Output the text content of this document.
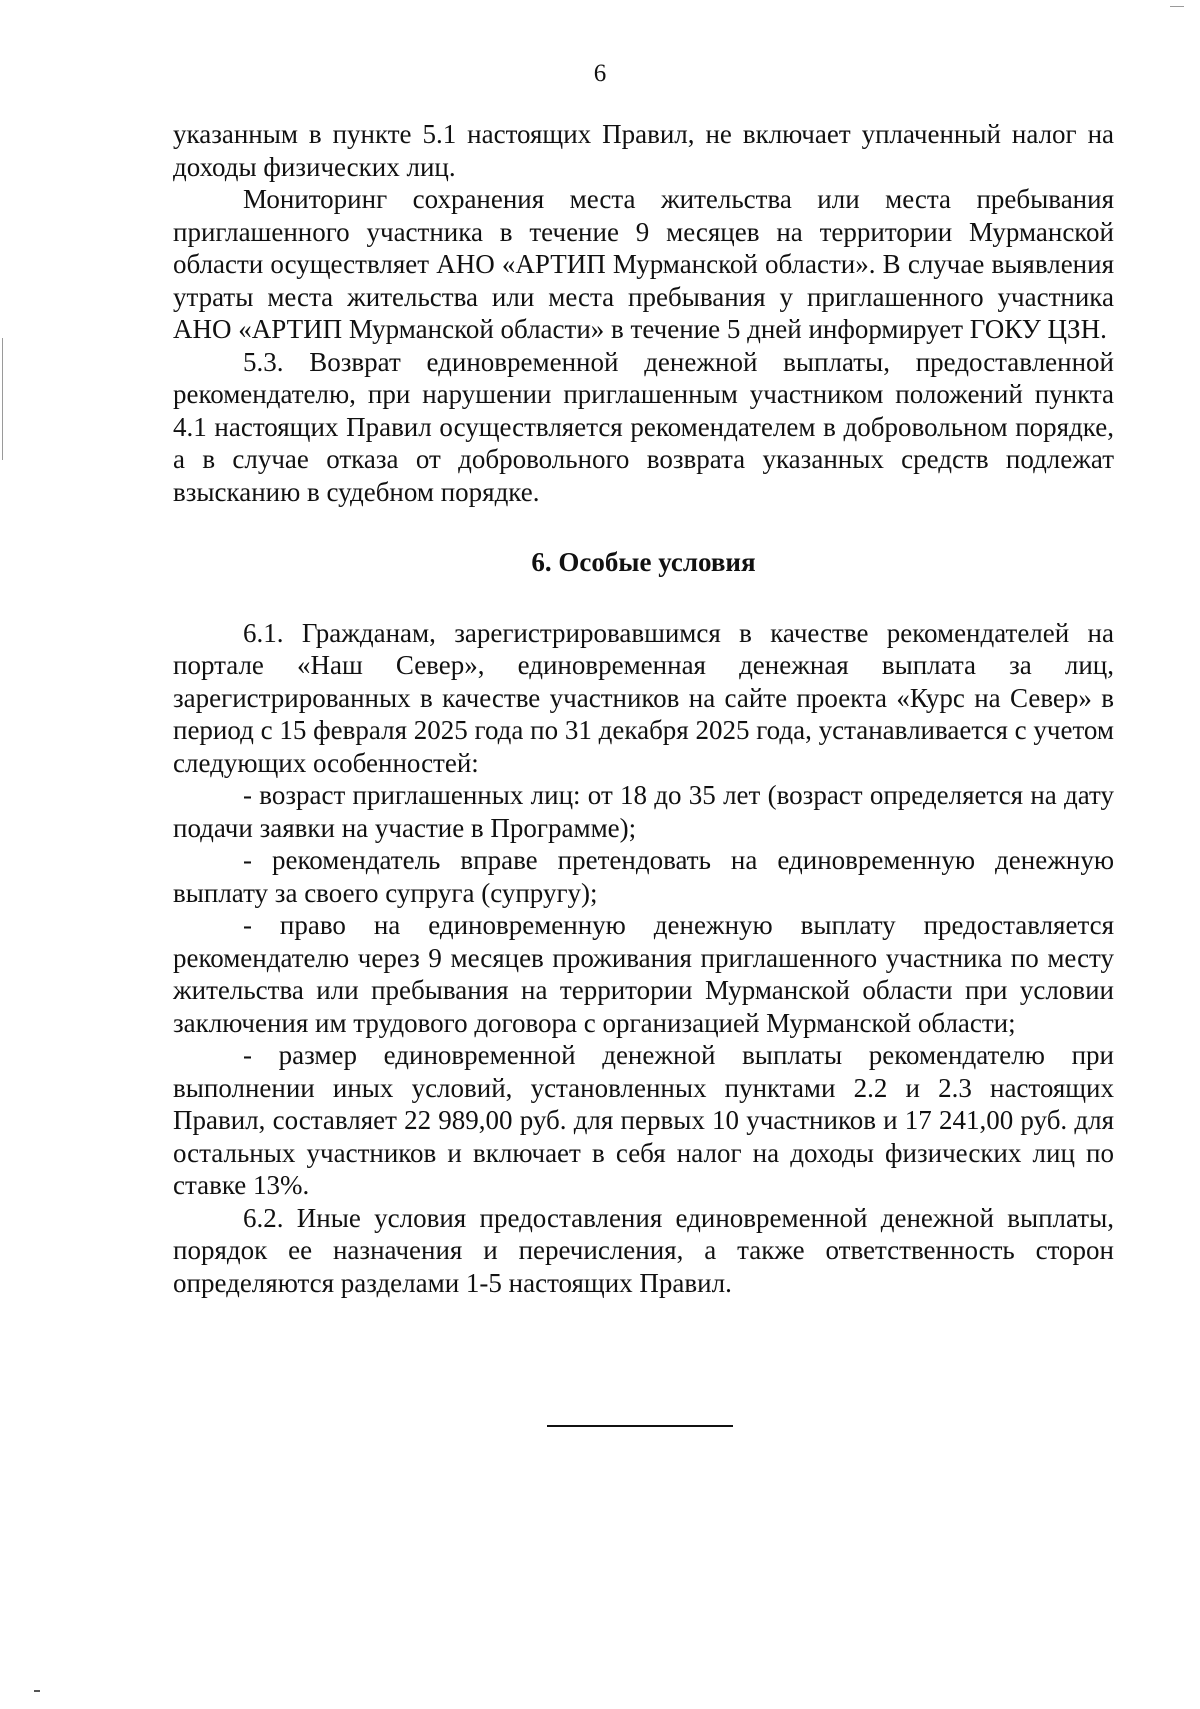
6

указанным в пункте 5.1 настоящих Правил, не включает уплаченный налог на доходы физических лиц.

Мониторинг сохранения места жительства или места пребывания приглашенного участника в течение 9 месяцев на территории Мурманской области осуществляет АНО «АРТИП Мурманской области». В случае выявления утраты места жительства или места пребывания у приглашенного участника АНО «АРТИП Мурманской области» в течение 5 дней информирует ГОКУ ЦЗН.

5.3. Возврат единовременной денежной выплаты, предоставленной рекомендателю, при нарушении приглашенным участником положений пункта 4.1 настоящих Правил осуществляется рекомендателем в добровольном порядке, а в случае отказа от добровольного возврата указанных средств подлежат взысканию в судебном порядке.

6. Особые условия

6.1. Гражданам, зарегистрировавшимся в качестве рекомендателей на портале «Наш Север», единовременная денежная выплата за лиц, зарегистрированных в качестве участников на сайте проекта «Курс на Север» в период с 15 февраля 2025 года по 31 декабря 2025 года, устанавливается с учетом следующих особенностей:

- возраст приглашенных лиц: от 18 до 35 лет (возраст определяется на дату подачи заявки на участие в Программе);

- рекомендатель вправе претендовать на единовременную денежную выплату за своего супруга (супругу);

- право на единовременную денежную выплату предоставляется рекомендателю через 9 месяцев проживания приглашенного участника по месту жительства или пребывания на территории Мурманской области при условии заключения им трудового договора с организацией Мурманской области;

- размер единовременной денежной выплаты рекомендателю при выполнении иных условий, установленных пунктами 2.2 и 2.3 настоящих Правил, составляет 22 989,00 руб. для первых 10 участников и 17 241,00 руб. для остальных участников и включает в себя налог на доходы физических лиц по ставке 13%.

6.2. Иные условия предоставления единовременной денежной выплаты, порядок ее назначения и перечисления, а также ответственность сторон определяются разделами 1-5 настоящих Правил.
